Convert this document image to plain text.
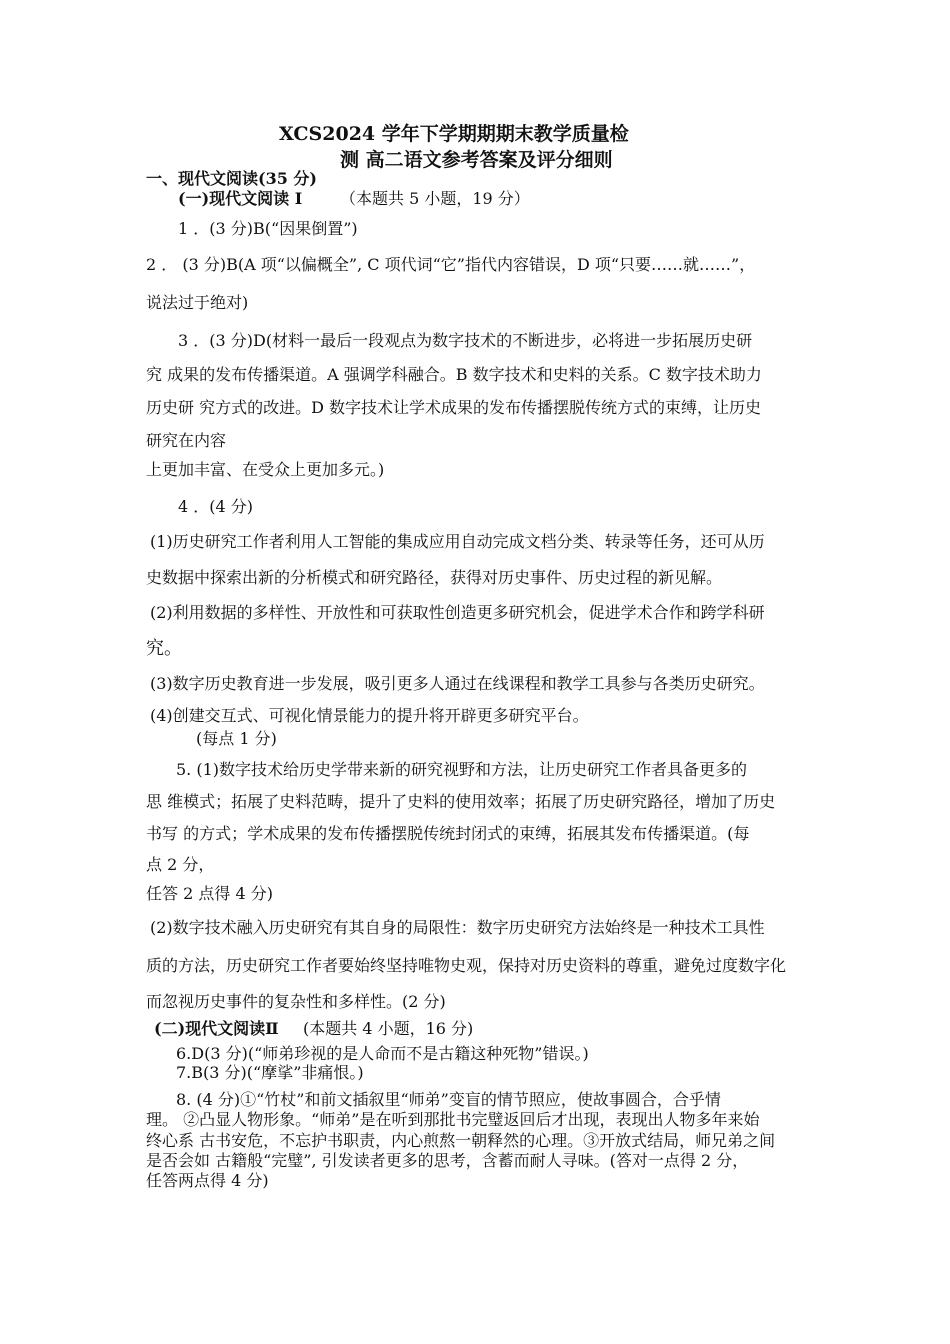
XCS2024 学年下学期期期末教学质量检
测 高二语文参考答案及评分细则
一、现代文阅读(35 分)
(一)现代文阅读 I （本题共 5 小题，19 分）
1 ．(3 分)B(“因果倒置”)
2 ． (3 分)B(A 项“以偏概全”, C 项代词“它”指代内容错误，D 项“只要……就……”，
说法过于绝对)
3 ．(3 分)D(材料一最后一段观点为数字技术的不断进步，必将进一步拓展历史研
究 成果的发布传播渠道。A 强调学科融合。B 数字技术和史料的关系。C 数字技术助力
历史研 究方式的改进。D 数字技术让学术成果的发布传播摆脱传统方式的束缚，让历史
研究在内容
上更加丰富、在受众上更加多元。)
4 ．(4 分)
(1)历史研究工作者利用人工智能的集成应用自动完成文档分类、转录等任务，还可从历
史数据中探索出新的分析模式和研究路径，获得对历史事件、历史过程的新见解。
(2)利用数据的多样性、开放性和可获取性创造更多研究机会，促进学术合作和跨学科研
究。
(3)数字历史教育进一步发展，吸引更多人通过在线课程和教学工具参与各类历史研究。
(4)创建交互式、可视化情景能力的提升将开辟更多研究平台。
(每点 1 分)
5. (1)数字技术给历史学带来新的研究视野和方法，让历史研究工作者具备更多的
思 维模式；拓展了史料范畴，提升了史料的使用效率；拓展了历史研究路径，增加了历史
书写 的方式；学术成果的发布传播摆脱传统封闭式的束缚，拓展其发布传播渠道。(每
点 2 分，
任答 2 点得 4 分)
(2)数字技术融入历史研究有其自身的局限性：数字历史研究方法始终是一种技术工具性
质的方法，历史研究工作者要始终坚持唯物史观，保持对历史资料的尊重，避免过度数字化
而忽视历史事件的复杂性和多样性。(2 分)
(二)现代文阅读Ⅱ (本题共 4 小题，16 分)
6.D(3 分)(“师弟珍视的是人命而不是古籍这种死物”错误。)
7.B(3 分)(“摩挲”非痛恨。)
8. (4 分)①“竹杖”和前文插叙里“师弟”变盲的情节照应，使故事圆合，合乎情
理。 ②凸显人物形象。“师弟”是在听到那批书完璧返回后才出现，表现出人物多年来始
终心系 古书安危，不忘护书职责，内心煎熬一朝释然的心理。③开放式结局，师兄弟之间
是否会如 古籍般“完璧”, 引发读者更多的思考，含蓄而耐人寻味。(答对一点得 2 分，
任答两点得 4 分)
